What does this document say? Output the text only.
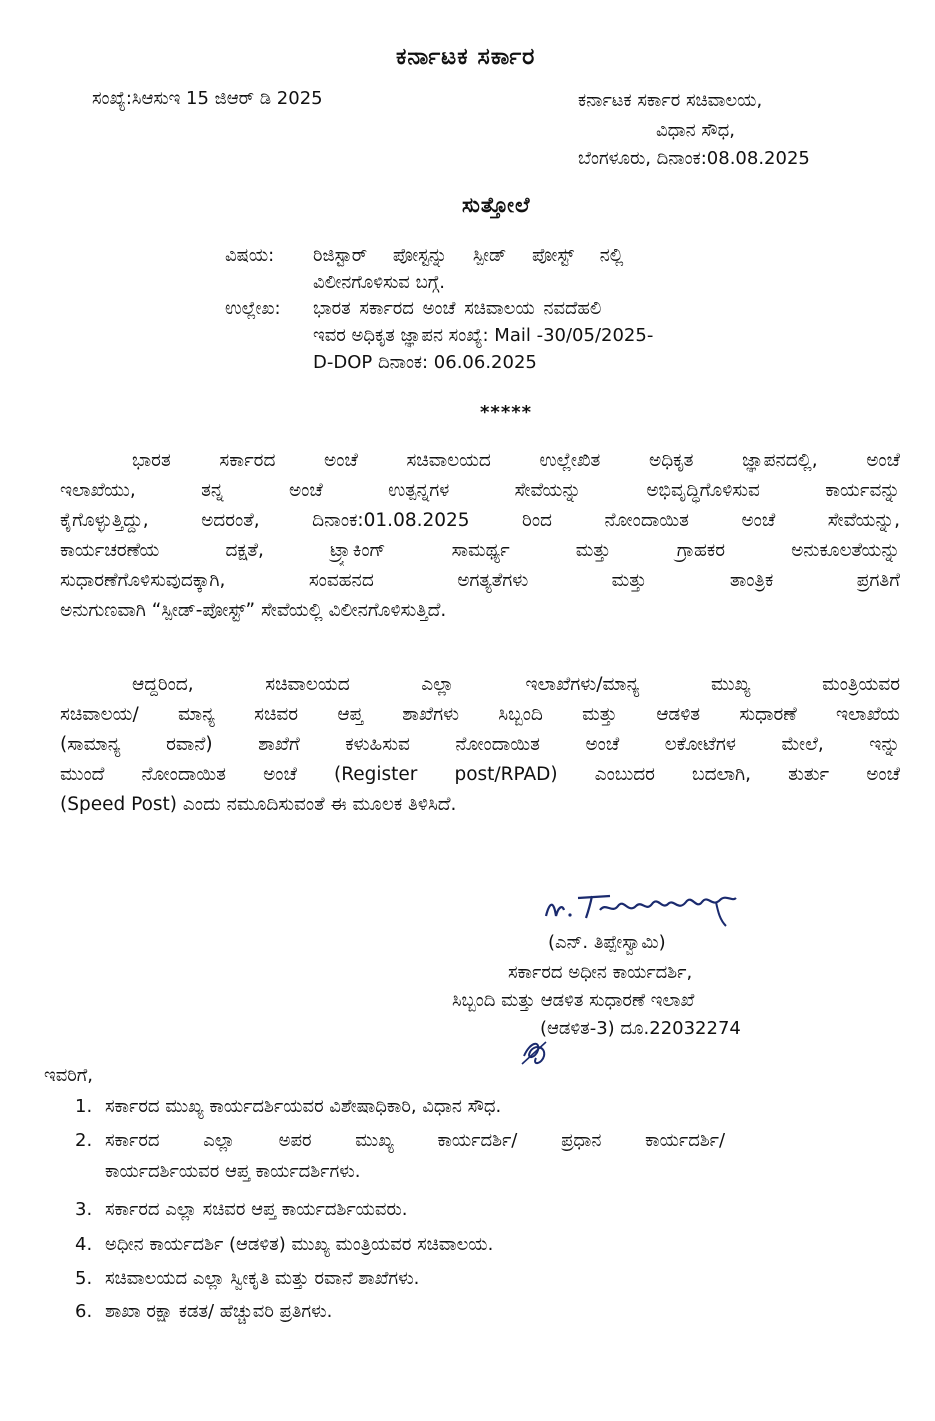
ಕರ್ನಾಟಕ ಸರ್ಕಾರ
ಸಂಖ್ಯೆ:ಸಿಆಸುಇ 15 ಜಿಆರ್ ಡಿ 2025	ಕರ್ನಾಟಕ ಸರ್ಕಾರ ಸಚಿವಾಲಯ,
ವಿಧಾನ ಸೌಧ,
ಬೆಂಗಳೂರು, ದಿನಾಂಕ:08.08.2025
ಸುತ್ತೋಲೆ
ವಿಷಯ: ರಿಜಿಸ್ಟಾರ್ ಪೋಸ್ಟನ್ನು ಸ್ಪೀಡ್ ಪೋಸ್ಟ್ ನಲ್ಲಿ
ವಿಲೀನಗೊಳಿಸುವ ಬಗ್ಗೆ.
ಉಲ್ಲೇಖ: ಭಾರತ ಸರ್ಕಾರದ ಅಂಚೆ ಸಚಿವಾಲಯ ನವದೆಹಲಿ
ಇವರ ಅಧಿಕೃತ ಜ್ಞಾಪನ ಸಂಖ್ಯೆ: Mail -30/05/2025-
D-DOP ದಿನಾಂಕ: 06.06.2025
*****
ಭಾರತ ಸರ್ಕಾರದ ಅಂಚೆ ಸಚಿವಾಲಯದ ಉಲ್ಲೇಖಿತ ಅಧಿಕೃತ ಜ್ಞಾಪನದಲ್ಲಿ, ಅಂಚೆ
ಇಲಾಖೆಯು, ತನ್ನ ಅಂಚೆ ಉತ್ಪನ್ನಗಳ ಸೇವೆಯನ್ನು ಅಭಿವೃದ್ಧಿಗೊಳಿಸುವ ಕಾರ್ಯವನ್ನು
ಕೈಗೊಳ್ಳುತ್ತಿದ್ದು, ಅದರಂತೆ, ದಿನಾಂಕ:01.08.2025 ರಿಂದ ನೋಂದಾಯಿತ ಅಂಚೆ ಸೇವೆಯನ್ನು,
ಕಾರ್ಯಚರಣೆಯ ದಕ್ಷತೆ, ಟ್ರ್ಯಾಕಿಂಗ್ ಸಾಮರ್ಥ್ಯ ಮತ್ತು ಗ್ರಾಹಕರ ಅನುಕೂಲತೆಯನ್ನು
ಸುಧಾರಣೆಗೊಳಿಸುವುದಕ್ಕಾಗಿ, ಸಂವಹನದ ಅಗತ್ಯತೆಗಳು ಮತ್ತು ತಾಂತ್ರಿಕ ಪ್ರಗತಿಗೆ
ಅನುಗುಣವಾಗಿ “ಸ್ಪೀಡ್-ಪೋಸ್ಟ್” ಸೇವೆಯಲ್ಲಿ ವಿಲೀನಗೊಳಿಸುತ್ತಿದೆ.
ಆದ್ದರಿಂದ, ಸಚಿವಾಲಯದ ಎಲ್ಲಾ ಇಲಾಖೆಗಳು/ಮಾನ್ಯ ಮುಖ್ಯ ಮಂತ್ರಿಯವರ
ಸಚಿವಾಲಯ/ ಮಾನ್ಯ ಸಚಿವರ ಆಪ್ತ ಶಾಖೆಗಳು ಸಿಬ್ಬಂದಿ ಮತ್ತು ಆಡಳಿತ ಸುಧಾರಣೆ ಇಲಾಖೆಯ
(ಸಾಮಾನ್ಯ ರವಾನೆ) ಶಾಖೆಗೆ ಕಳುಹಿಸುವ ನೋಂದಾಯಿತ ಅಂಚೆ ಲಕೋಟೆಗಳ ಮೇಲೆ, ಇನ್ನು
ಮುಂದೆ ನೋಂದಾಯಿತ ಅಂಚೆ (Register post/RPAD) ಎಂಬುದರ ಬದಲಾಗಿ, ತುರ್ತು ಅಂಚೆ
(Speed Post) ಎಂದು ನಮೂದಿಸುವಂತೆ ಈ ಮೂಲಕ ತಿಳಿಸಿದೆ.
(ಎನ್. ತಿಪ್ಪೇಸ್ವಾಮಿ)
ಸರ್ಕಾರದ ಅಧೀನ ಕಾರ್ಯದರ್ಶಿ,
ಸಿಬ್ಬಂದಿ ಮತ್ತು ಆಡಳಿತ ಸುಧಾರಣೆ ಇಲಾಖೆ
(ಆಡಳಿತ-3) ದೂ.22032274
ಇವರಿಗೆ,
1. ಸರ್ಕಾರದ ಮುಖ್ಯ ಕಾರ್ಯದರ್ಶಿಯವರ ವಿಶೇಷಾಧಿಕಾರಿ, ವಿಧಾನ ಸೌಧ.
2. ಸರ್ಕಾರದ ಎಲ್ಲಾ ಅಪರ ಮುಖ್ಯ ಕಾರ್ಯದರ್ಶಿ/ ಪ್ರಧಾನ ಕಾರ್ಯದರ್ಶಿ/
ಕಾರ್ಯದರ್ಶಿಯವರ ಆಪ್ತ ಕಾರ್ಯದರ್ಶಿಗಳು.
3. ಸರ್ಕಾರದ ಎಲ್ಲಾ ಸಚಿವರ ಆಪ್ತ ಕಾರ್ಯದರ್ಶಿಯವರು.
4. ಅಧೀನ ಕಾರ್ಯದರ್ಶಿ (ಆಡಳಿತ) ಮುಖ್ಯ ಮಂತ್ರಿಯವರ ಸಚಿವಾಲಯ.
5. ಸಚಿವಾಲಯದ ಎಲ್ಲಾ ಸ್ವೀಕೃತಿ ಮತ್ತು ರವಾನೆ ಶಾಖೆಗಳು.
6. ಶಾಖಾ ರಕ್ಷಾ ಕಡತ/ ಹೆಚ್ಚುವರಿ ಪ್ರತಿಗಳು.
